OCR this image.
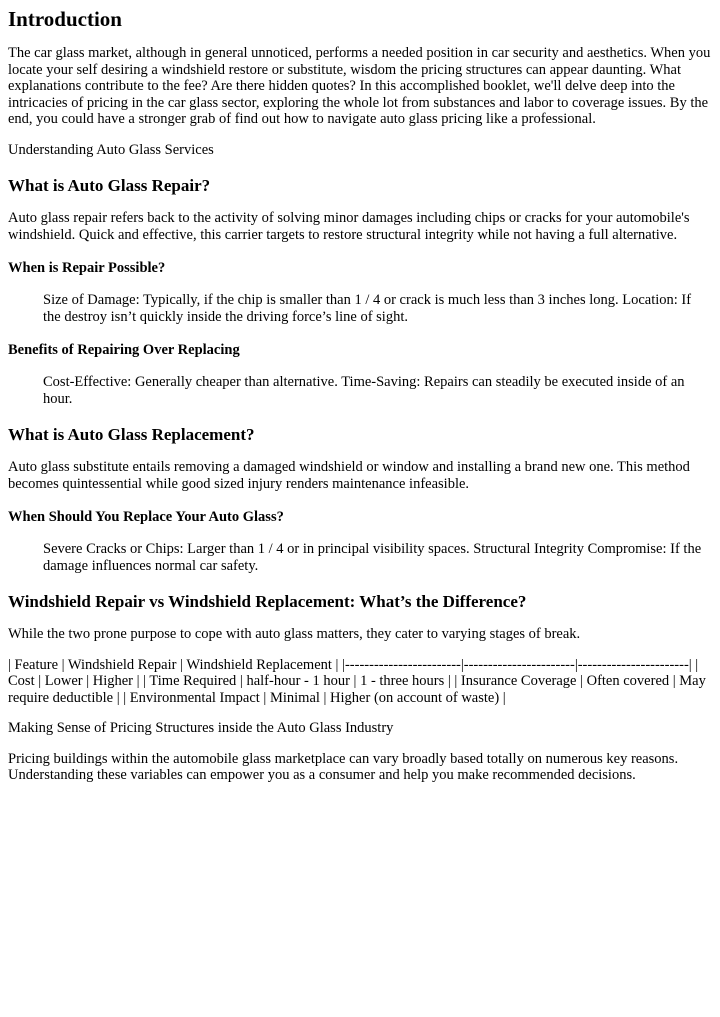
Introduction

The car glass market, although in general unnoticed, performs a needed position in car security and aesthetics. When you locate your self desiring a windshield restore or substitute, wisdom the pricing structures can appear daunting. What explanations contribute to the fee? Are there hidden quotes? In this accomplished booklet, we'll delve deep into the intricacies of pricing in the car glass sector, exploring the whole lot from substances and labor to coverage issues. By the end, you could have a stronger grab of find out how to navigate auto glass pricing like a professional.

Understanding Auto Glass Services

What is Auto Glass Repair?

Auto glass repair refers back to the activity of solving minor damages including chips or cracks for your automobile's windshield. Quick and effective, this carrier targets to restore structural integrity while not having a full alternative.

When is Repair Possible?
Size of Damage: Typically, if the chip is smaller than 1 / 4 or crack is much less than 3 inches long. Location: If the destroy isn’t quickly inside the driving force’s line of sight.
Benefits of Repairing Over Replacing
Cost-Effective: Generally cheaper than alternative. Time-Saving: Repairs can steadily be executed inside of an hour.
What is Auto Glass Replacement?

Auto glass substitute entails removing a damaged windshield or window and installing a brand new one. This method becomes quintessential while good sized injury renders maintenance infeasible.

When Should You Replace Your Auto Glass?
Severe Cracks or Chips: Larger than 1 / 4 or in principal visibility spaces. Structural Integrity Compromise: If the damage influences normal car safety.
Windshield Repair vs Windshield Replacement: What’s the Difference?

While the two prone purpose to cope with auto glass matters, they cater to varying stages of break.

| Feature | Windshield Repair | Windshield Replacement | |------------------------|-----------------------|-----------------------| | Cost | Lower | Higher | | Time Required | half-hour - 1 hour | 1 - three hours | | Insurance Coverage | Often covered | May require deductible | | Environmental Impact | Minimal | Higher (on account of waste) |

Making Sense of Pricing Structures inside the Auto Glass Industry

Pricing buildings within the automobile glass marketplace can vary broadly based totally on numerous key reasons. Understanding these variables can empower you as a consumer and help you make recommended decisions.
